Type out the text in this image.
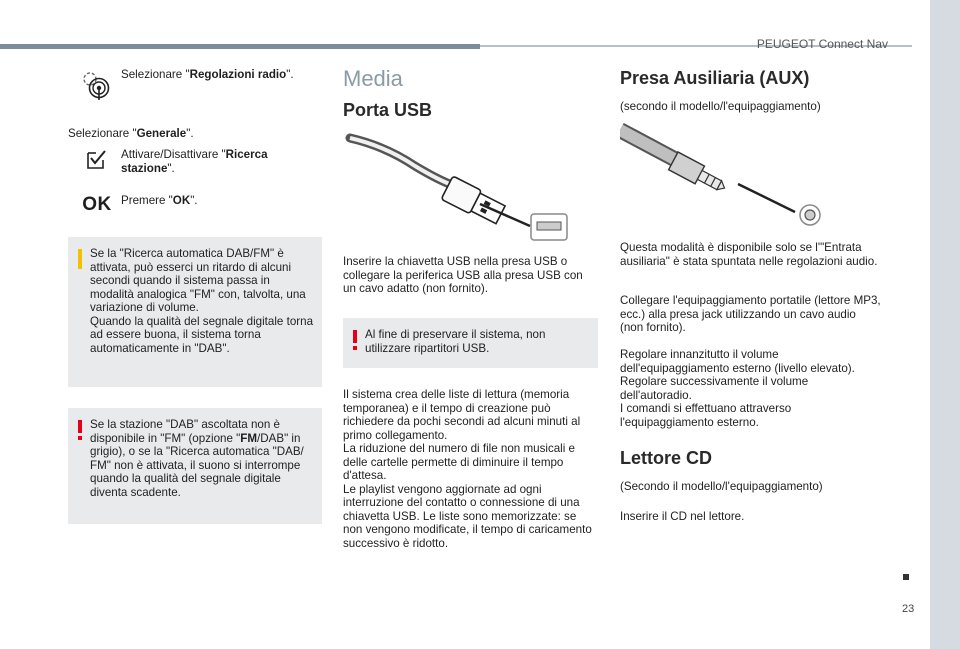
PEUGEOT Connect Nav

Selezionare "Regolazioni radio".

Selezionare "Generale".

Attivare/Disattivare "Ricerca stazione".

OK Premere "OK".

Se la "Ricerca automatica DAB/FM" è attivata, può esserci un ritardo di alcuni secondi quando il sistema passa in modalità analogica "FM" con, talvolta, una variazione di volume.

Quando la qualità del segnale digitale torna ad essere buona, il sistema torna automaticamente in "DAB".

Se la stazione "DAB" ascoltata non è disponibile in "FM" (opzione "FM/DAB" in grigio), o se la "Ricerca automatica "DAB/ FM" non è attivata, il suono si interrompe quando la qualità del segnale digitale diventa scadente.

Media
Porta USB

Inserire la chiavetta USB nella presa USB o collegare la periferica USB alla presa USB con un cavo adatto (non fornito).

Al fine di preservare il sistema, non utilizzare ripartitori USB.

Il sistema crea delle liste di lettura (memoria temporanea) e il tempo di creazione può richiedere da pochi secondi ad alcuni minuti al primo collegamento.

La riduzione del numero di file non musicali e delle cartelle permette di diminuire il tempo d'attesa.

Le playlist vengono aggiornate ad ogni interruzione del contatto o connessione di una chiavetta USB. Le liste sono memorizzate: se non vengono modificate, il tempo di caricamento successivo è ridotto.

Presa Ausiliaria (AUX)

(secondo il modello/l'equipaggiamento)

Questa modalità è disponibile solo se l'"Entrata ausiliaria" è stata spuntata nelle regolazioni audio.

Collegare l'equipaggiamento portatile (lettore MP3, ecc.) alla presa jack utilizzando un cavo audio (non fornito).

Regolare innanzitutto il volume dell'equipaggiamento esterno (livello elevato).

Regolare successivamente il volume dell'autoradio.

I comandi si effettuano attraverso l'equipaggiamento esterno.

Lettore CD

(Secondo il modello/l'equipaggiamento)

Inserire il CD nel lettore.

23
